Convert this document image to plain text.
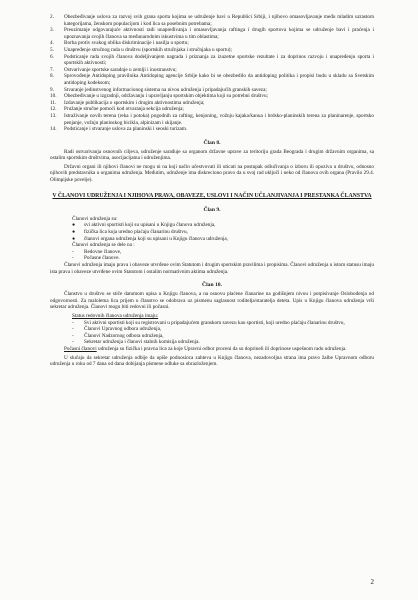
2.	Obezbeđivanje uslova za razvoj svih grana sporta kojima se udruženje bavi u Republici Srbiji, i njihovo omasovljavanje među mladim uzrastom kategorijama, ženskom populacijom i kod lica sa posebnim potrebama;
3.	Preuzimanje odgovarajuće aktivnosti radi unapređivanja i omasovljavanja raftinga i drugih sportova kojima se udruženje bavi i praćenja i upoznavanja svojih članova sa međunarodnim iskustvima u tim oblastima;
4.	Borba protiv svakog oblika diskriminacije i nasilja u sportu;
5.	Unapređenje stručnog rada u društvu (sportskih stručnjaka i stručnjaka u sportu);
6.	Podsticanje rada svojih članova dodeljivanjem nagrada i priznanja za izuzetne sportske rezultate i za doprinos razvoju i unapređenju sporta i sportskih aktivnosti;
7.	Ostvarivanje sportske saradnje u zemlji i inostranstvu;
8.	Sprovođenje Antidoping pravilnika Antidoping agencije Srbije kako bi se obezbedilo da antidoping politika i propisi budu u skladu sa Svetskim antidoping kodeksom;
9.	Stvaranje jedinstvenog informacionog sistema na nivou udruženja i pripadajućih granskih saveza;
10.	Obezbeđivanje u izgradnji, održavanju i upravljanju sportskim objektima koji su potrebni društvu;
11.	Izdavanje publikacija o sportskim i drugim aktivnostima udruženja;
12.	Pružanje stručne pomoći kod otvaranja sekcija udruženja;
13.	Istraživanje novih terena (reka i potoka) pogodnih za rafting, kenjoning, vožnju kajaka/kanua i brdsko-planinskih terena za planinarenje, sportsko penjanje, vožnju planinskog bicikla, alpinizam i skijanje.
14.	Podsticanje i stvaranje uslova za planinski i seoski turizam.
Član 8.

Radi ostvarivanja osnovnih ciljeva, udruženje sarađuje sa organom državne uprave za teritoriju grada Beograda i drugim državnim organima, sa ostalim sportskim društvima, asocijacijama i udruženjima.

Državni organi ili njihovi članovi ne mogu ni na koji način učestvovati ili uticati na postupak odlučivanja o izboru ili opoziva u društvu, odnosno njihovih predstavnika u organima udruženja. Međutim, udruženje ima diskreciono pravo da u svoj rad uključi i neko od članova ovih organa (Pravilo 29.4. Olimpijske povelje).

V ČLANOVI UDRUŽENJA I NJIHOVA PRAVA, OBAVEZE, USLOVI I NAČIN UČLANJIVANJA I PRESTANKA ČLANSTVA
Član 9.
Članovi udruženja su:
●	svi aktivni sportisti koji su upisani u Knjigu članova udruženja,
●	fizička lica koja uredno plaćaju članarinu društvu,
●	članovi organa udruženja koji su upisani u Knjigu članova udruženja,
Članovi udruženja se dele na :
-	Redovne članove,
-	Počasne članove.

Članovi udruženja imaju prava i obaveze utvrđene ovim Statutom i drugim sportskim pravilima i propisima. Članovi udruženja u istom statusu imaju ista prava i obaveze utvrđene ovim Statutom i ostalim normativnim aktima udruženja.

Član 10.

Članstvo u društvu se stiče datumom upisa u Knjigu članova, a na osnovu plaćene članarine na godišnjem nivou i potpisivanje Oslobođenja od odgovornosti. Za maloletna lica prijem u članstvo se odobrava uz pismenu saglasnost roditelja/staratelja deteta. Upis u Knjigu članova udruženja vrši sekretar udruženja. Članovi mogu biti redovni ili počasni.

Status redovnih članova udruženja imaju:
-	Svi aktivni sportisti koji su registrovani u pripadajućem granskom savezu kao sportisti, koji uredno plaćaju članarinu društvu,
-	Članovi Upravnog odbora udruženja,
-	Članovi Nadzornog odbora udruženja,
-	Sekretar udruženja i članovi stalnih komisija udruženja.

Počasni članovi udruženja su fizička i pravna lica za koje Upravni odbor proceni da su doprineli ili doprinose uspešnom radu udruženja.

U slučaju da sekretar udruženja odbije da upiše podnosioca zahteva u Knjigu članova, nezadovoljna strana ima pravo žalbe Upravnom odboru udruženja u roku od 7 dana od dana dobijanja pismene odluke sa obrazloženjem.

2
